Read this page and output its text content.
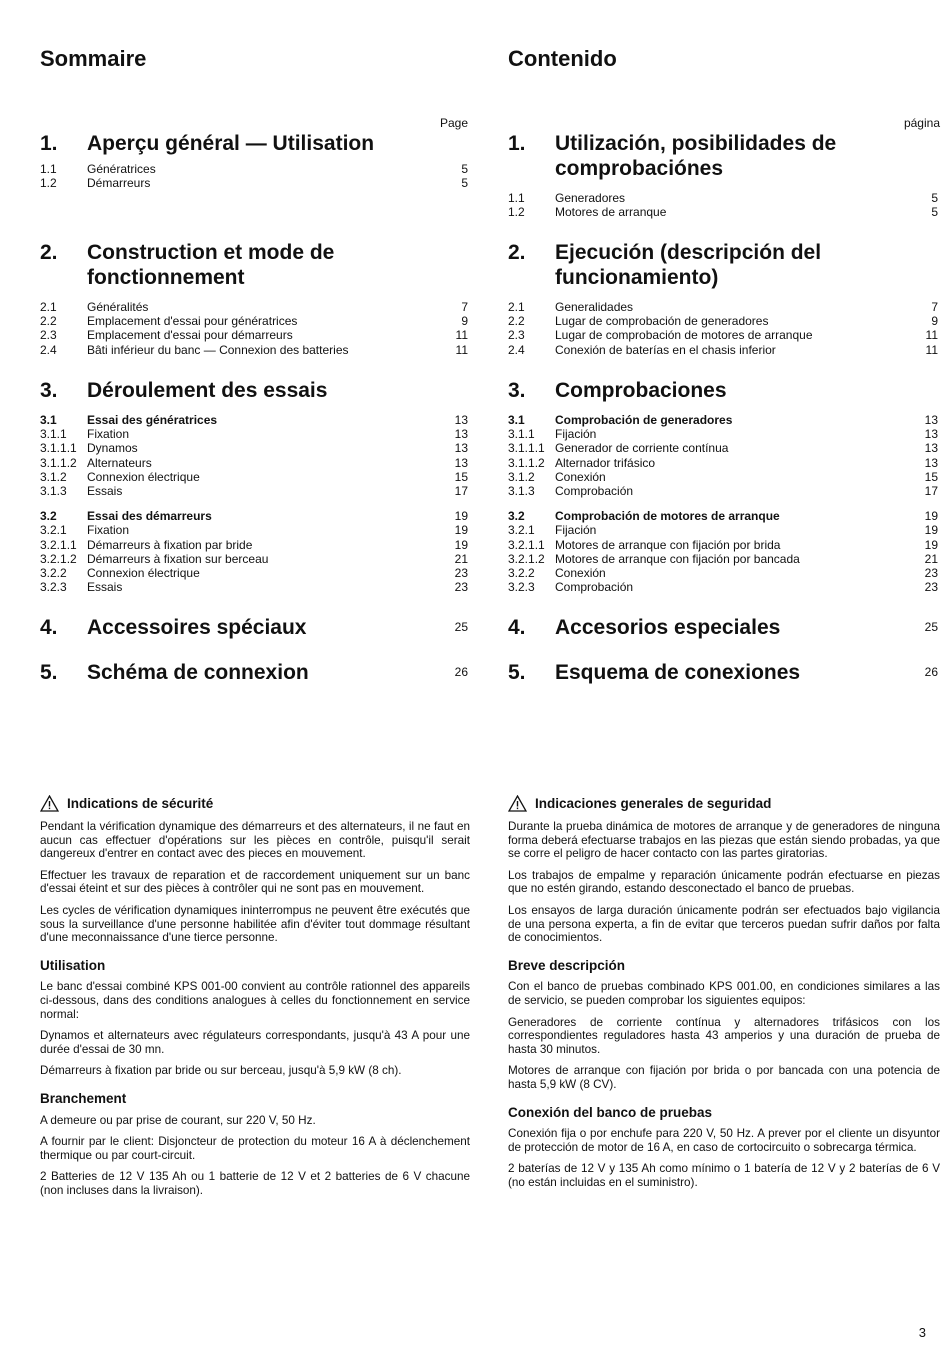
Sommaire
Page
1.	Aperçu général — Utilisation
1.1	Génératrices	5
1.2	Démarreurs	5
2.	Construction et mode de fonctionnement
2.1	Généralités	7
2.2	Emplacement d'essai pour génératrices	9
2.3	Emplacement d'essai pour démarreurs	11
2.4	Bâti inférieur du banc — Connexion des batteries	11
3.	Déroulement des essais
3.1	Essai des génératrices	13
3.1.1	Fixation	13
3.1.1.1 Dynamos	13
3.1.1.2 Alternateurs	13
3.1.2	Connexion électrique	15
3.1.3	Essais	17
3.2	Essai des démarreurs	19
3.2.1	Fixation	19
3.2.1.1 Démarreurs à fixation par bride	19
3.2.1.2 Démarreurs à fixation sur berceau	21
3.2.2	Connexion électrique	23
3.2.3	Essais	23
4.	Accessoires spéciaux	25
5.	Schéma de connexion	26
Indications de sécurité

Pendant la vérification dynamique des démarreurs et des alternateurs, il ne faut en aucun cas effectuer d'opérations sur les pièces en contrôle, puisqu'il serait dangereux d'entrer en contact avec des pieces en mouvement.

Effectuer les travaux de reparation et de raccordement uniquement sur un banc d'essai éteint et sur des pièces à contrôler qui ne sont pas en mouvement.

Les cycles de vérification dynamiques ininterrompus ne peuvent être exécutés que sous la surveillance d'une personne habilitée afin d'éviter tout dommage résultant d'une meconnaissance d'une tierce personne.

Utilisation

Le banc d'essai combiné KPS 001-00 convient au contrôle rationnel des appareils ci-dessous, dans des conditions analogues à celles du fonctionnement en service normal:

Dynamos et alternateurs avec régulateurs correspondants, jusqu'à 43 A pour une durée d'essai de 30 mn.

Démarreurs à fixation par bride ou sur berceau, jusqu'à 5,9 kW (8 ch).

Branchement

A demeure ou par prise de courant, sur 220 V, 50 Hz.

A fournir par le client: Disjoncteur de protection du moteur 16 A à déclenchement thermique ou par court-circuit.

2 Batteries de 12 V 135 Ah ou 1 batterie de 12 V et 2 batteries de 6 V chacune (non incluses dans la livraison).

Contenido
página
1.	Utilización, posibilidades de comprobaciónes
1.1	Generadores	5
1.2	Motores de arranque	5
2.	Ejecución (descripción del funcionamiento)
2.1	Generalidades	7
2.2	Lugar de comprobación de generadores	9
2.3	Lugar de comprobación de motores de arranque	11
2.4	Conexión de baterías en el chasis inferior	11
3.	Comprobaciones
3.1	Comprobación de generadores	13
3.1.1	Fijación	13
3.1.1.1 Generador de corriente contínua	13
3.1.1.2 Alternador trifásico	13
3.1.2	Conexión	15
3.1.3	Comprobación	17
3.2	Comprobación de motores de arranque	19
3.2.1	Fijación	19
3.2.1.1 Motores de arranque con fijación por brida	19
3.2.1.2 Motores de arranque con fijación por bancada	21
3.2.2	Conexión	23
3.2.3	Comprobación	23
4.	Accesorios especiales	25
5.	Esquema de conexiones	26
Indicaciones generales de seguridad

Durante la prueba dinámica de motores de arranque y de generadores de ninguna forma deberá efectuarse trabajos en las piezas que están siendo probadas, ya que se corre el peligro de hacer contacto con las partes giratorias.

Los trabajos de empalme y reparación únicamente podrán efectuarse en piezas que no estén girando, estando desconectado el banco de pruebas.

Los ensayos de larga duración únicamente podrán ser efectuados bajo vigilancia de una persona experta, a fin de evitar que terceros puedan sufrir daños por falta de conocimientos.

Breve descripción

Con el banco de pruebas combinado KPS 001.00, en condiciones similares a las de servicio, se pueden comprobar los siguientes equipos:

Generadores de corriente contínua y alternadores trifásicos con los correspondientes reguladores hasta 43 amperios y una duración de prueba de hasta 30 minutos.

Motores de arranque con fijación por brida o por bancada con una potencia de hasta 5,9 kW (8 CV).

Conexión del banco de pruebas

Conexión fija o por enchufe para 220 V, 50 Hz. A prever por el cliente un disyuntor de protección de motor de 16 A, en caso de cortocircuito o sobrecarga térmica.

2 baterías de 12 V y 135 Ah como mínimo o 1 batería de 12 V y 2 baterías de 6 V (no están incluidas en el suministro).

3
